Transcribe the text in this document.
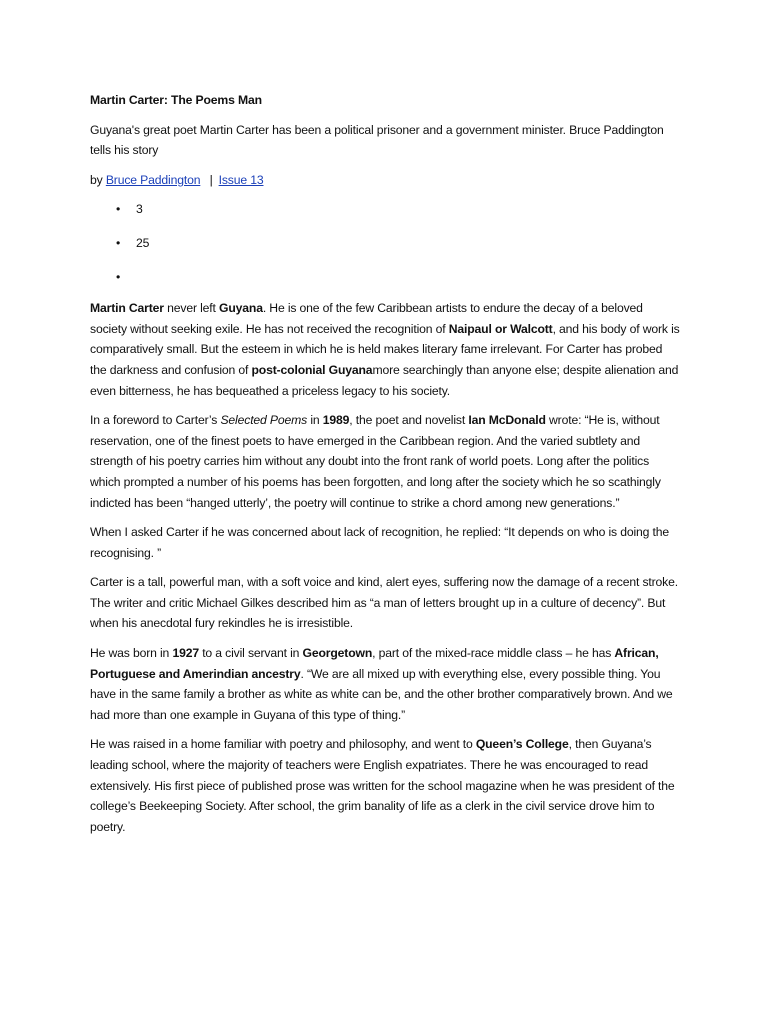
Martin Carter: The Poems Man

Guyana's great poet Martin Carter has been a political prisoner and a government minister. Bruce Paddington tells his story

by Bruce Paddington | Issue 13

• 3
• 25
•

Martin Carter never left Guyana. He is one of the few Caribbean artists to endure the decay of a beloved society without seeking exile. He has not received the recognition of Naipaul or Walcott, and his body of work is comparatively small. But the esteem in which he is held makes literary fame irrelevant. For Carter has probed the darkness and confusion of post-colonial Guyanamore searchingly than anyone else; despite alienation and even bitterness, he has bequeathed a priceless legacy to his society.

In a foreword to Carter’s Selected Poems in 1989, the poet and novelist Ian McDonald wrote: “He is, without reservation, one of the finest poets to have emerged in the Caribbean region. And the varied subtlety and strength of his poetry carries him without any doubt into the front rank of world poets. Long after the politics which prompted a number of his poems has been forgotten, and long after the society which he so scathingly indicted has been “hanged utterly’, the poetry will continue to strike a chord among new generations.”

When I asked Carter if he was concerned about lack of recognition, he replied: “It depends on who is doing the recognising. ”

Carter is a tall, powerful man, with a soft voice and kind, alert eyes, suffering now the damage of a recent stroke. The writer and critic Michael Gilkes described him as “a man of letters brought up in a culture of decency”. But when his anecdotal fury rekindles he is irresistible.

He was born in 1927 to a civil servant in Georgetown, part of the mixed-race middle class – he has African, Portuguese and Amerindian ancestry. “We are all mixed up with everything else, every possible thing. You have in the same family a brother as white as white can be, and the other brother comparatively brown. And we had more than one example in Guyana of this type of thing.”

He was raised in a home familiar with poetry and philosophy, and went to Queen’s College, then Guyana’s leading school, where the majority of teachers were English expatriates. There he was encouraged to read extensively. His first piece of published prose was written for the school magazine when he was president of the college’s Beekeeping Society. After school, the grim banality of life as a clerk in the civil service drove him to poetry.
